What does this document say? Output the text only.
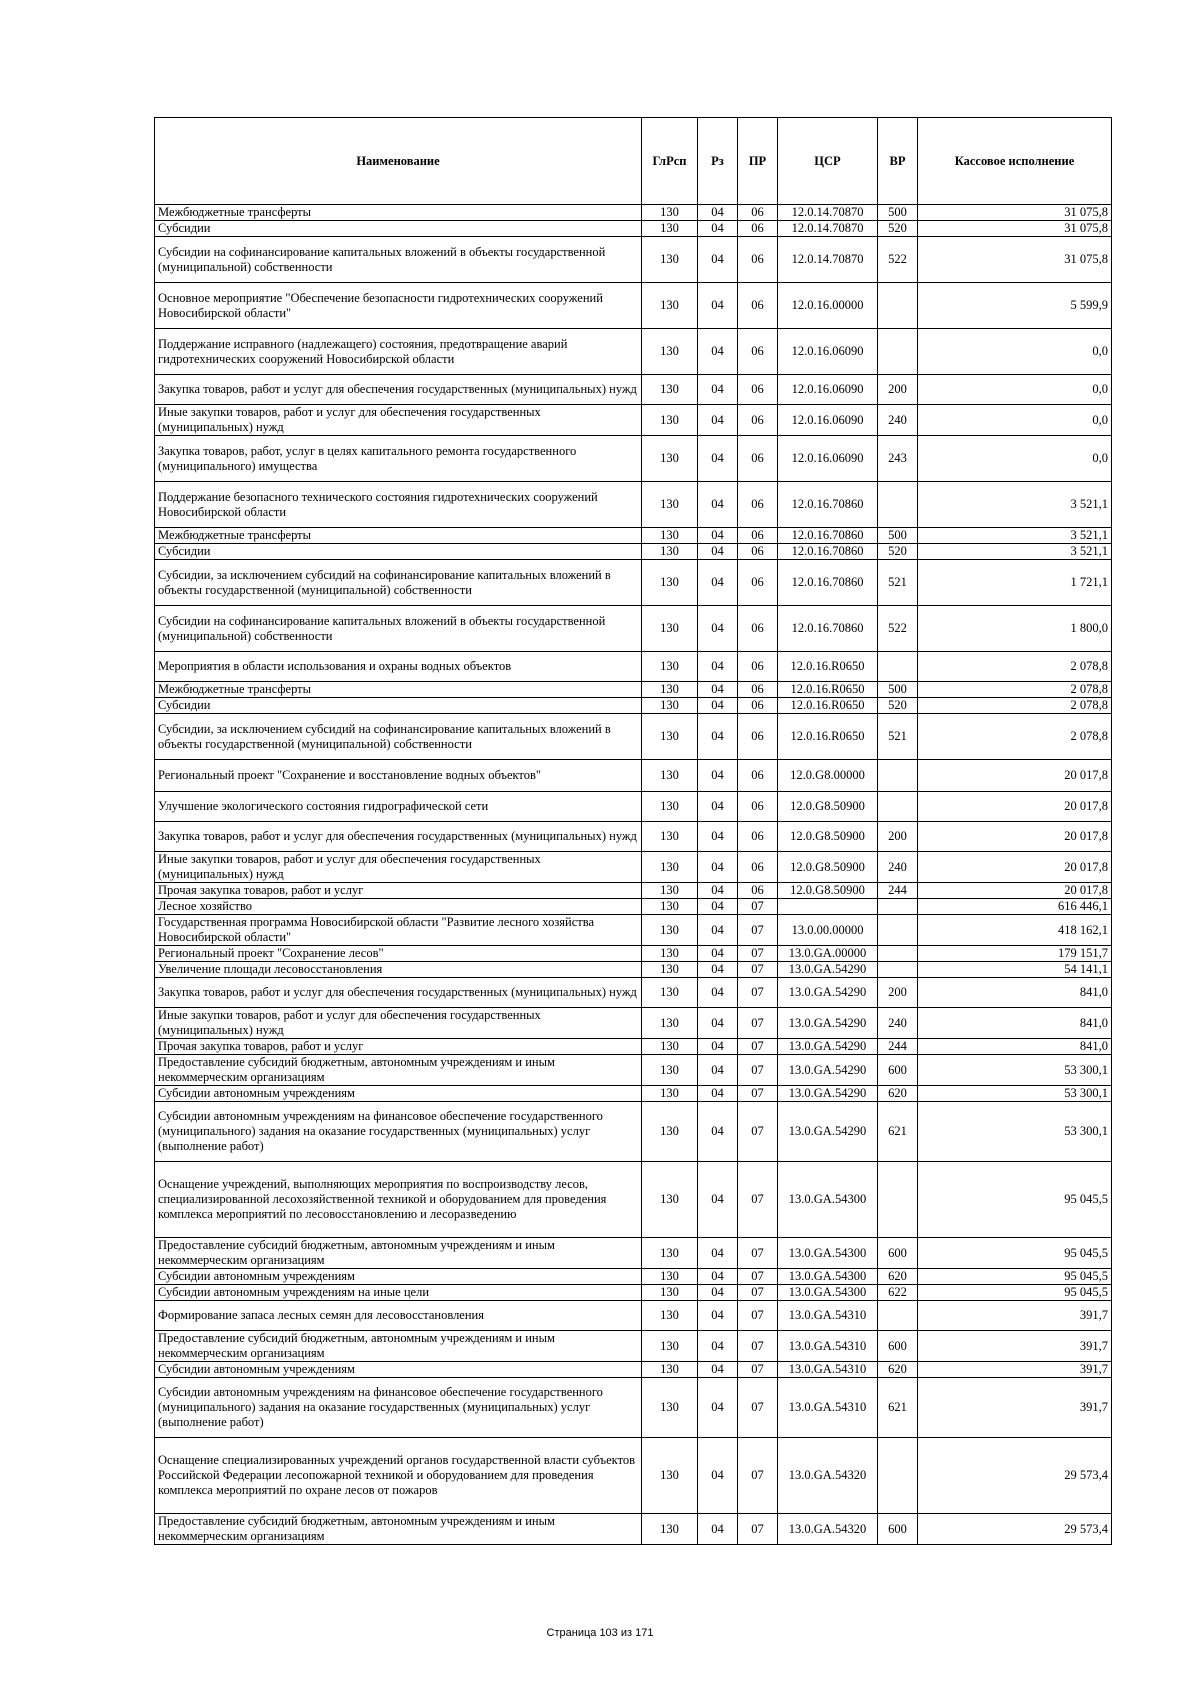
Наименование	ГлРсп	Рз	ПР	ЦСР	ВР	Кассовое исполнение
Межбюджетные трансферты	130	04	06	12.0.14.70870	500	31 075,8
Субсидии	130	04	06	12.0.14.70870	520	31 075,8
Субсидии на софинансирование капитальных вложений в объекты государственной (муниципальной) собственности	130	04	06	12.0.14.70870	522	31 075,8
Основное мероприятие "Обеспечение безопасности гидротехнических сооружений Новосибирской области"	130	04	06	12.0.16.00000		5 599,9
Поддержание исправного (надлежащего) состояния, предотвращение аварий гидротехнических сооружений Новосибирской области	130	04	06	12.0.16.06090		0,0
Закупка товаров, работ и услуг для обеспечения государственных (муниципальных) нужд	130	04	06	12.0.16.06090	200	0,0
Иные закупки товаров, работ и услуг для обеспечения государственных (муниципальных) нужд	130	04	06	12.0.16.06090	240	0,0
Закупка товаров, работ, услуг в целях капитального ремонта государственного (муниципального) имущества	130	04	06	12.0.16.06090	243	0,0
Поддержание безопасного технического состояния гидротехнических сооружений Новосибирской области	130	04	06	12.0.16.70860		3 521,1
Межбюджетные трансферты	130	04	06	12.0.16.70860	500	3 521,1
Субсидии	130	04	06	12.0.16.70860	520	3 521,1
Субсидии, за исключением субсидий на софинансирование капитальных вложений в объекты государственной (муниципальной) собственности	130	04	06	12.0.16.70860	521	1 721,1
Субсидии на софинансирование капитальных вложений в объекты государственной (муниципальной) собственности	130	04	06	12.0.16.70860	522	1 800,0
Мероприятия в области использования и охраны водных объектов	130	04	06	12.0.16.R0650		2 078,8
Межбюджетные трансферты	130	04	06	12.0.16.R0650	500	2 078,8
Субсидии	130	04	06	12.0.16.R0650	520	2 078,8
Субсидии, за исключением субсидий на софинансирование капитальных вложений в объекты государственной (муниципальной) собственности	130	04	06	12.0.16.R0650	521	2 078,8
Региональный проект "Сохранение и восстановление водных объектов"	130	04	06	12.0.G8.00000		20 017,8
Улучшение экологического состояния гидрографической сети	130	04	06	12.0.G8.50900		20 017,8
Закупка товаров, работ и услуг для обеспечения государственных (муниципальных) нужд	130	04	06	12.0.G8.50900	200	20 017,8
Иные закупки товаров, работ и услуг для обеспечения государственных (муниципальных) нужд	130	04	06	12.0.G8.50900	240	20 017,8
Прочая закупка товаров, работ и услуг	130	04	06	12.0.G8.50900	244	20 017,8
Лесное хозяйство	130	04	07			616 446,1
Государственная программа Новосибирской области "Развитие лесного хозяйства Новосибирской области"	130	04	07	13.0.00.00000		418 162,1
Региональный проект "Сохранение лесов"	130	04	07	13.0.GA.00000		179 151,7
Увеличение площади лесовосстановления	130	04	07	13.0.GA.54290		54 141,1
Закупка товаров, работ и услуг для обеспечения государственных (муниципальных) нужд	130	04	07	13.0.GA.54290	200	841,0
Иные закупки товаров, работ и услуг для обеспечения государственных (муниципальных) нужд	130	04	07	13.0.GA.54290	240	841,0
Прочая закупка товаров, работ и услуг	130	04	07	13.0.GA.54290	244	841,0
Предоставление субсидий бюджетным, автономным учреждениям и иным некоммерческим организациям	130	04	07	13.0.GA.54290	600	53 300,1
Субсидии автономным учреждениям	130	04	07	13.0.GA.54290	620	53 300,1
Субсидии автономным учреждениям на финансовое обеспечение государственного (муниципального) задания на оказание государственных (муниципальных) услуг (выполнение работ)	130	04	07	13.0.GA.54290	621	53 300,1
Оснащение учреждений, выполняющих мероприятия по воспроизводству лесов, специализированной лесохозяйственной техникой и оборудованием для проведения комплекса мероприятий по лесовосстановлению и лесоразведению	130	04	07	13.0.GA.54300		95 045,5
Предоставление субсидий бюджетным, автономным учреждениям и иным некоммерческим организациям	130	04	07	13.0.GA.54300	600	95 045,5
Субсидии автономным учреждениям	130	04	07	13.0.GA.54300	620	95 045,5
Субсидии автономным учреждениям на иные цели	130	04	07	13.0.GA.54300	622	95 045,5
Формирование запаса лесных семян для лесовосстановления	130	04	07	13.0.GA.54310		391,7
Предоставление субсидий бюджетным, автономным учреждениям и иным некоммерческим организациям	130	04	07	13.0.GA.54310	600	391,7
Субсидии автономным учреждениям	130	04	07	13.0.GA.54310	620	391,7
Субсидии автономным учреждениям на финансовое обеспечение государственного (муниципального) задания на оказание государственных (муниципальных) услуг (выполнение работ)	130	04	07	13.0.GA.54310	621	391,7
Оснащение специализированных учреждений органов государственной власти субъектов Российской Федерации лесопожарной техникой и оборудованием для проведения комплекса мероприятий по охране лесов от пожаров	130	04	07	13.0.GA.54320		29 573,4
Предоставление субсидий бюджетным, автономным учреждениям и иным некоммерческим организациям	130	04	07	13.0.GA.54320	600	29 573,4
Страница 103 из 171
